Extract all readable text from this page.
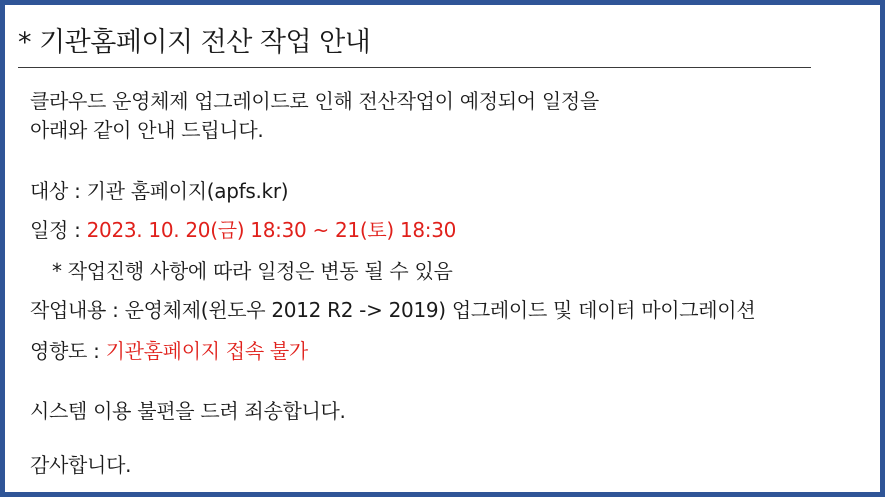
* 기관홈페이지 전산 작업 안내
클라우드 운영체제 업그레이드로 인해 전산작업이 예정되어 일정을
아래와 같이 안내 드립니다.
대상 : 기관 홈페이지(apfs.kr)
일정 : 2023. 10. 20(금) 18:30 ~ 21(토) 18:30
* 작업진행 사항에 따라 일정은 변동 될 수 있음
작업내용 : 운영체제(윈도우 2012 R2 -> 2019) 업그레이드 및 데이터 마이그레이션
영향도 : 기관홈페이지 접속 불가
시스템 이용 불편을 드려 죄송합니다.
감사합니다.
